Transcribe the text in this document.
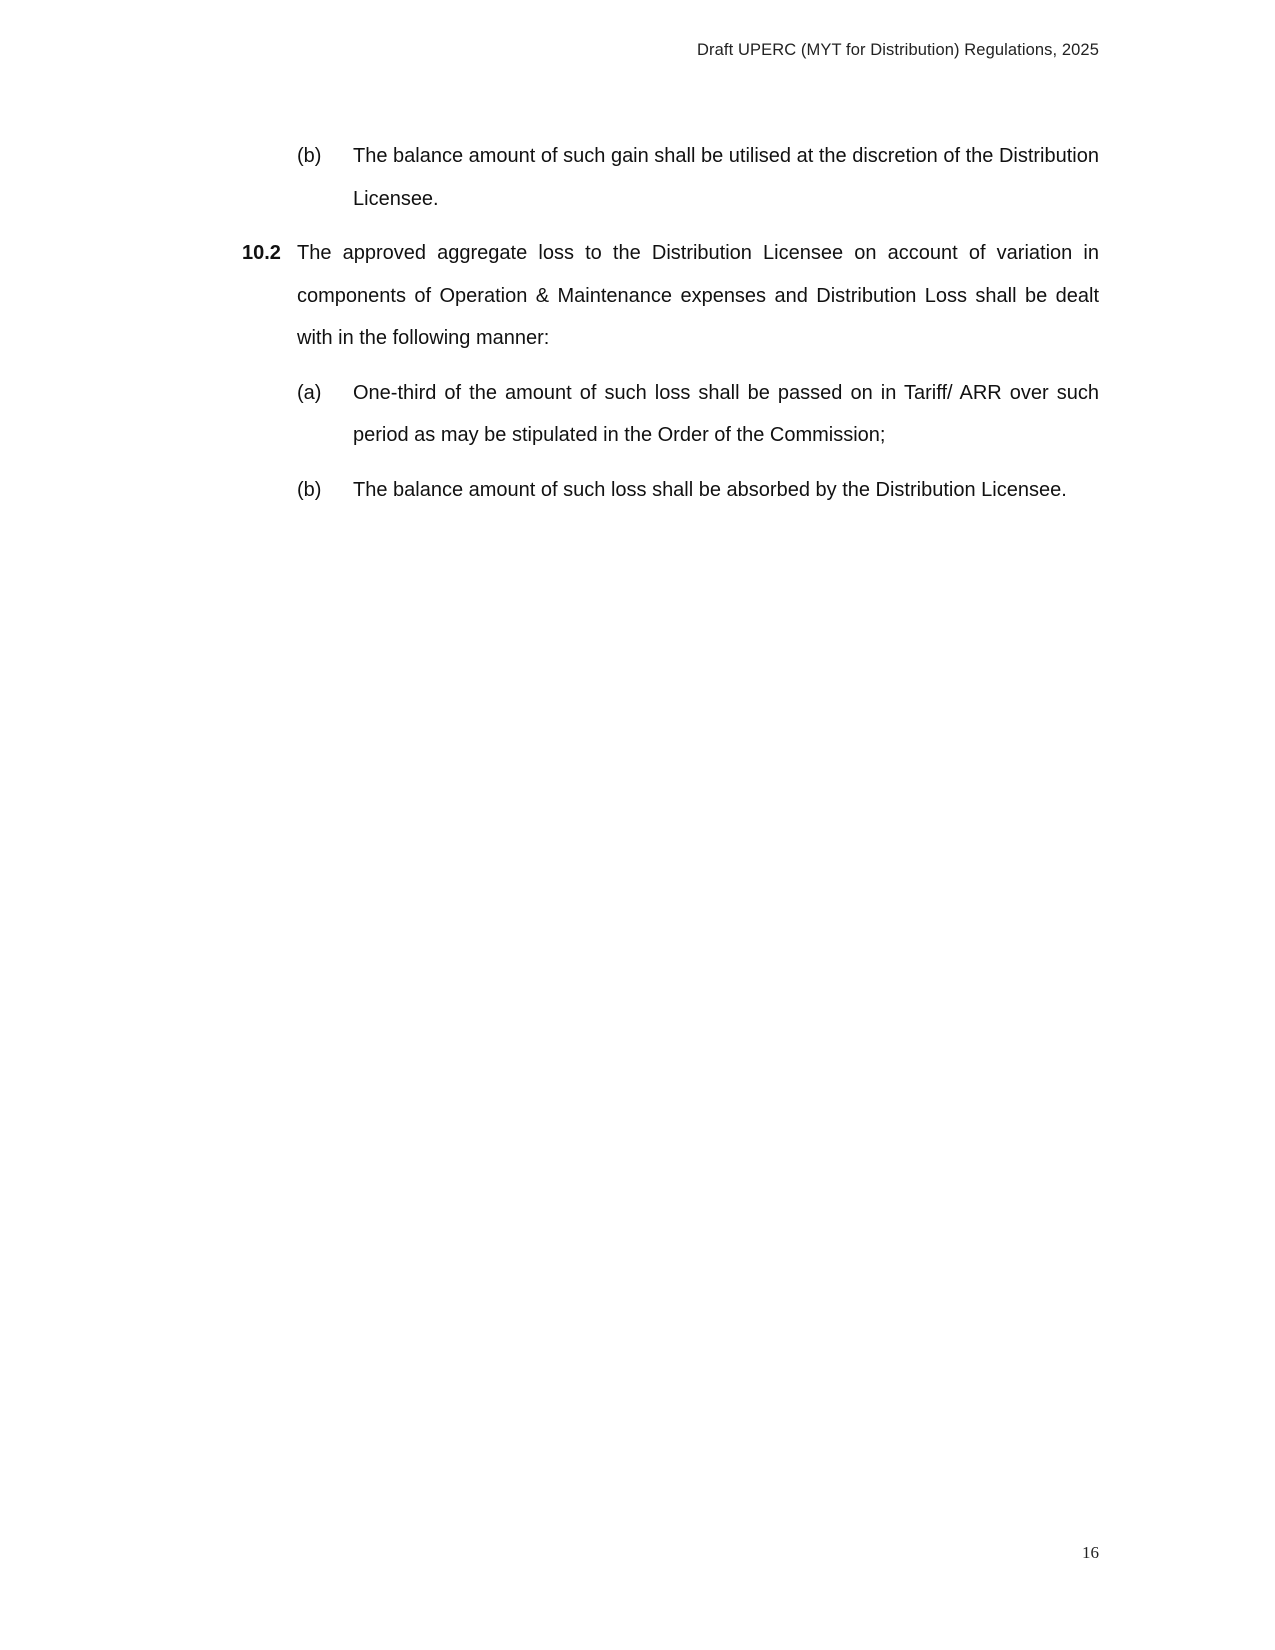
Draft UPERC (MYT for Distribution) Regulations, 2025
(b)	The balance amount of such gain shall be utilised at the discretion of the Distribution Licensee.
10.2 The approved aggregate loss to the Distribution Licensee on account of variation in components of Operation & Maintenance expenses and Distribution Loss shall be dealt with in the following manner:
(a)	One-third of the amount of such loss shall be passed on in Tariff/ ARR over such period as may be stipulated in the Order of the Commission;
(b)	The balance amount of such loss shall be absorbed by the Distribution Licensee.
16
